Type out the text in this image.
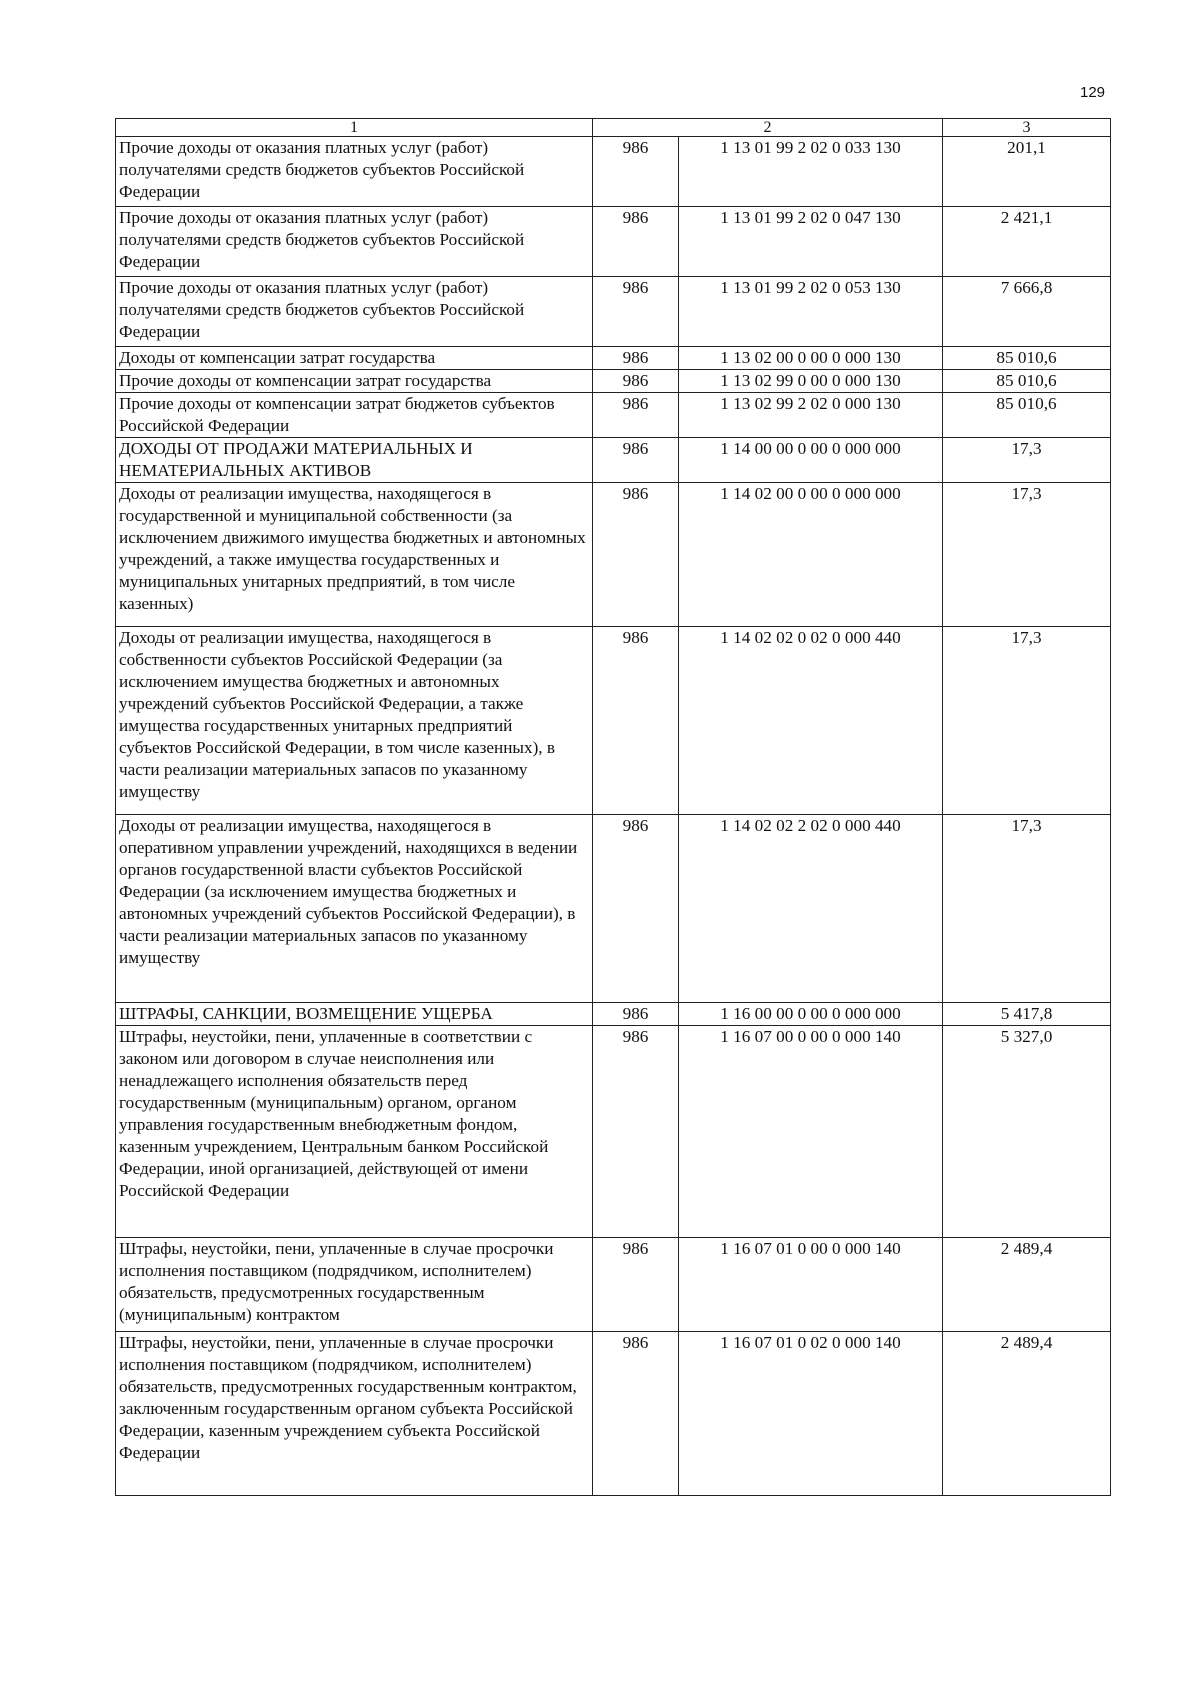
129
1	2		3
Прочие доходы от оказания платных услуг (работ) получателями средств бюджетов субъектов Российской Федерации	986	1 13 01 99 2 02 0 033 130	201,1
Прочие доходы от оказания платных услуг (работ) получателями средств бюджетов субъектов Российской Федерации	986	1 13 01 99 2 02 0 047 130	2 421,1
Прочие доходы от оказания платных услуг (работ) получателями средств бюджетов субъектов Российской Федерации	986	1 13 01 99 2 02 0 053 130	7 666,8
Доходы от компенсации затрат государства	986	1 13 02 00 0 00 0 000 130	85 010,6
Прочие доходы от компенсации затрат государства	986	1 13 02 99 0 00 0 000 130	85 010,6
Прочие доходы от компенсации затрат бюджетов субъектов Российской Федерации	986	1 13 02 99 2 02 0 000 130	85 010,6
ДОХОДЫ ОТ ПРОДАЖИ МАТЕРИАЛЬНЫХ И НЕМАТЕРИАЛЬНЫХ АКТИВОВ	986	1 14 00 00 0 00 0 000 000	17,3
Доходы от реализации имущества, находящегося в государственной и муниципальной собственности (за исключением движимого имущества бюджетных и автономных учреждений, а также имущества государственных и муниципальных унитарных предприятий, в том числе казенных)	986	1 14 02 00 0 00 0 000 000	17,3
Доходы от реализации имущества, находящегося в собственности субъектов Российской Федерации (за исключением имущества бюджетных и автономных учреждений субъектов Российской Федерации, а также имущества государственных унитарных предприятий субъектов Российской Федерации, в том числе казенных), в части реализации материальных запасов по указанному имуществу	986	1 14 02 02 0 02 0 000 440	17,3
Доходы от реализации имущества, находящегося в оперативном управлении учреждений, находящихся в ведении органов государственной власти субъектов Российской Федерации (за исключением имущества бюджетных и автономных учреждений субъектов Российской Федерации), в части реализации материальных запасов по указанному имуществу	986	1 14 02 02 2 02 0 000 440	17,3
ШТРАФЫ, САНКЦИИ, ВОЗМЕЩЕНИЕ УЩЕРБА	986	1 16 00 00 0 00 0 000 000	5 417,8
Штрафы, неустойки, пени, уплаченные в соответствии с законом или договором в случае неисполнения или ненадлежащего исполнения обязательств перед государственным (муниципальным) органом, органом управления государственным внебюджетным фондом, казенным учреждением, Центральным банком Российской Федерации, иной организацией, действующей от имени Российской Федерации	986	1 16 07 00 0 00 0 000 140	5 327,0
Штрафы, неустойки, пени, уплаченные в случае просрочки исполнения поставщиком (подрядчиком, исполнителем) обязательств, предусмотренных государственным (муниципальным) контрактом	986	1 16 07 01 0 00 0 000 140	2 489,4
Штрафы, неустойки, пени, уплаченные в случае просрочки исполнения поставщиком (подрядчиком, исполнителем) обязательств, предусмотренных государственным контрактом, заключенным государственным органом субъекта Российской Федерации, казенным учреждением субъекта Российской Федерации	986	1 16 07 01 0 02 0 000 140	2 489,4
